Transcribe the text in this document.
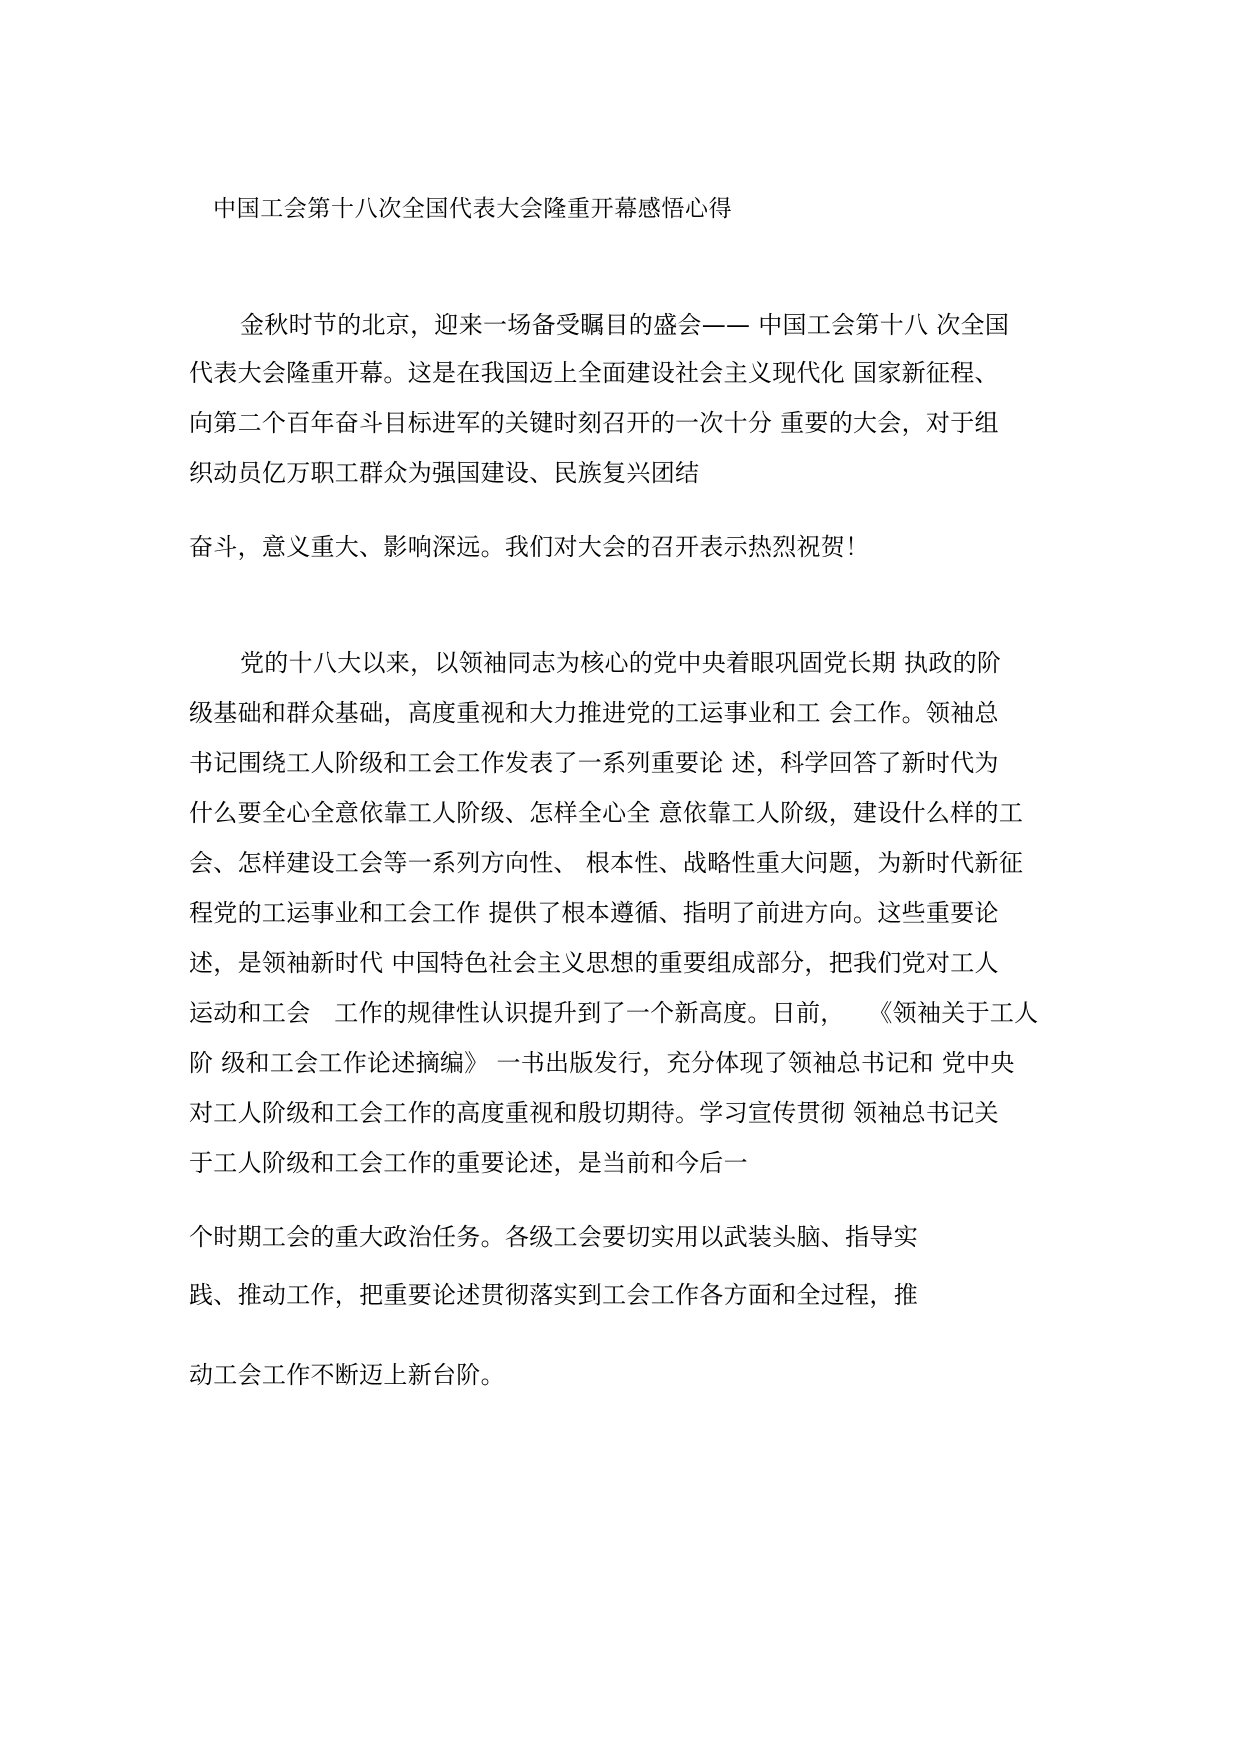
中国工会第十八次全国代表大会隆重开幕感悟心得
金秋时节的北京，迎来一场备受瞩目的盛会—— 中国工会第十八 次全国
代表大会隆重开幕。这是在我国迈上全面建设社会主义现代化 国家新征程、
向第二个百年奋斗目标进军的关键时刻召开的一次十分 重要的大会，对于组
织动员亿万职工群众为强国建设、民族复兴团结
奋斗，意义重大、影响深远。我们对大会的召开表示热烈祝贺！
党的十八大以来，以领袖同志为核心的党中央着眼巩固党长期 执政的阶
级基础和群众基础，高度重视和大力推进党的工运事业和工 会工作。领袖总
书记围绕工人阶级和工会工作发表了一系列重要论 述，科学回答了新时代为
什么要全心全意依靠工人阶级、怎样全心全 意依靠工人阶级，建设什么样的工
会、怎样建设工会等一系列方向性、 根本性、战略性重大问题，为新时代新征
程党的工运事业和工会工作 提供了根本遵循、指明了前进方向。这些重要论
述，是领袖新时代 中国特色社会主义思想的重要组成部分，把我们党对工人
运动和工会   工作的规律性认识提升到了一个新高度。日前，   《领袖关于工人
阶 级和工会工作论述摘编》 一书出版发行，充分体现了领袖总书记和 党中央
对工人阶级和工会工作的高度重视和殷切期待。学习宣传贯彻 领袖总书记关
于工人阶级和工会工作的重要论述，是当前和今后一
个时期工会的重大政治任务。各级工会要切实用以武装头脑、指导实
践、推动工作，把重要论述贯彻落实到工会工作各方面和全过程，推
动工会工作不断迈上新台阶。
